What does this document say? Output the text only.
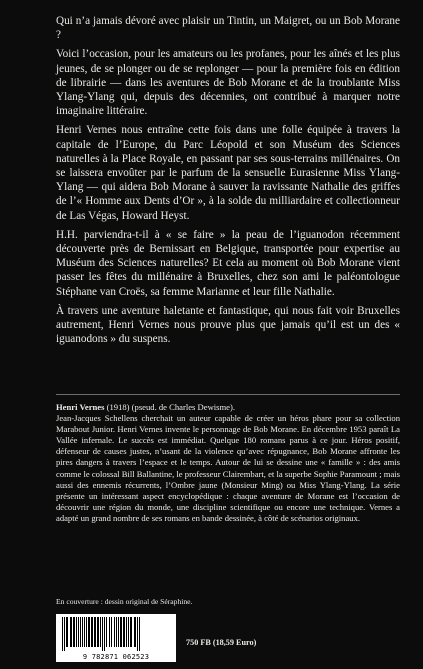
Qui n’a jamais dévoré avec plaisir un Tintin, un Maigret, ou un Bob Morane ?

Voici l’occasion, pour les amateurs ou les profanes, pour les aînés et les plus jeunes, de se plonger ou de se replonger — pour la première fois en édition de librairie — dans les aventures de Bob Morane et de la troublante Miss Ylang-Ylang qui, depuis des décennies, ont contribué à marquer notre imaginaire littéraire.

Henri Vernes nous entraîne cette fois dans une folle équipée à travers la capitale de l’Europe, du Parc Léopold et son Muséum des Sciences naturelles à la Place Royale, en passant par ses sous-terrains millénaires. On se laissera envoûter par le parfum de la sensuelle Eurasienne Miss Ylang-Ylang — qui aidera Bob Morane à sauver la ravissante Nathalie des griffes de l’« Homme aux Dents d’Or », à la solde du milliardaire et collectionneur de Las Végas, Howard Heyst.

H.H. parviendra-t-il à « se faire » la peau de l’iguanodon récemment découverte près de Bernissart en Belgique, transportée pour expertise au Muséum des Sciences naturelles? Et cela au moment où Bob Morane vient passer les fêtes du millénaire à Bruxelles, chez son ami le paléontologue Stéphane van Croës, sa femme Marianne et leur fille Nathalie.

À travers une aventure haletante et fantastique, qui nous fait voir Bruxelles autrement, Henri Vernes nous prouve plus que jamais qu’il est un des « iguanodons » du suspens.

Henri Vernes (1918) (pseud. de Charles Dewisme).

Jean-Jacques Schellens cherchait un auteur capable de créer un héros phare pour sa collection Marabout Junior. Henri Vernes invente le personnage de Bob Morane. En décembre 1953 paraît La Vallée infernale. Le succès est immédiat. Quelque 180 romans parus à ce jour. Héros positif, défenseur de causes justes, n’usant de la violence qu’avec répugnance, Bob Morane affronte les pires dangers à travers l’espace et le temps. Autour de lui se dessine une « famille » : des amis comme le colossal Bill Ballantine, le professeur Clairembart, et la superbe Sophie Paramount ; mais aussi des ennemis récurrents, l’Ombre jaune (Monsieur Ming) ou Miss Ylang-Ylang. La série présente un intéressant aspect encyclopédique : chaque aventure de Morane est l’occasion de découvrir une région du monde, une discipline scientifique ou encore une technique. Vernes a adapté un grand nombre de ses romans en bande dessinée, à côté de scénarios originaux.

En couverture : dessin original de Séraphine.
9 782871 062523
750 FB (18,59 Euro)
